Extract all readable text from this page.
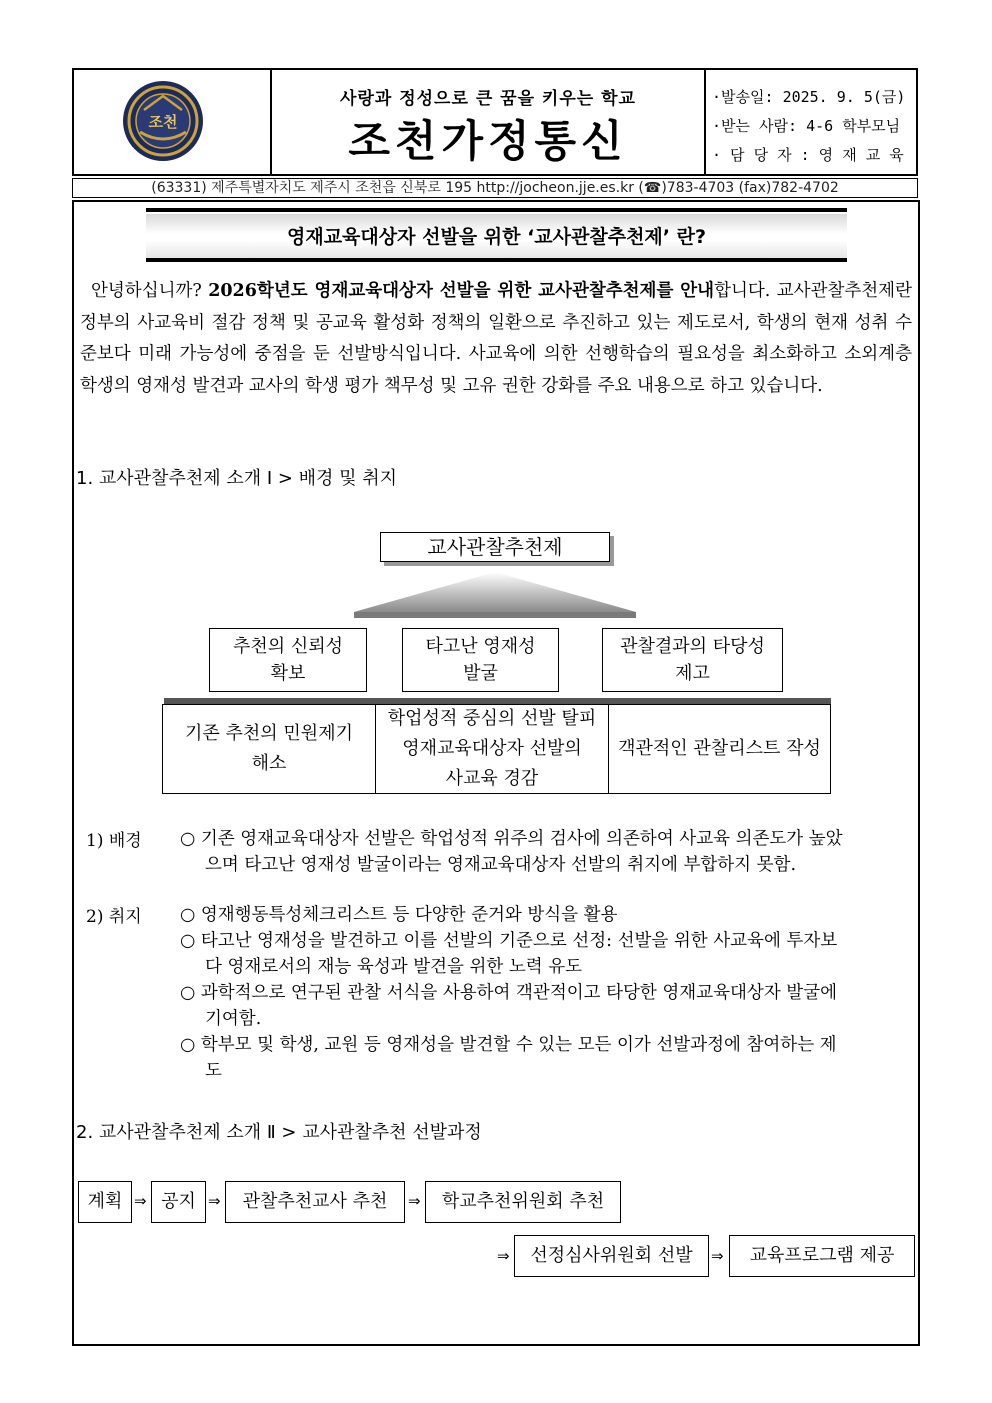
조천
사랑과 정성으로 큰 꿈을 키우는 학교
조천가정통신
·발송일: 2025. 9. 5(금)
·받는 사람: 4-6 학부모님
· 담 당 자 : 영 재 교 육
(63331) 제주특별자치도 제주시 조천읍 신북로 195 http://jocheon.jje.es.kr (☎)783-4703 (fax)782-4702
영재교육대상자 선발을 위한 ‘교사관찰추천제’ 란?
안녕하십니까? 2026학년도 영재교육대상자 선발을 위한 교사관찰추천제를 안내합니다. 교사관찰추천제란 정부의 사교육비 절감 정책 및 공교육 활성화 정책의 일환으로 추진하고 있는 제도로서, 학생의 현재 성취 수준보다 미래 가능성에 중점을 둔 선발방식입니다. 사교육에 의한 선행학습의 필요성을 최소화하고 소외계층 학생의 영재성 발견과 교사의 학생 평가 책무성 및 고유 권한 강화를 주요 내용으로 하고 있습니다.
1. 교사관찰추천제 소개 Ⅰ > 배경 및 취지
교사관찰추천제
추천의 신뢰성
확보
타고난 영재성
발굴
관찰결과의 타당성
제고
기존 추천의 민원제기
해소
학업성적 중심의 선발 탈피
영재교육대상자 선발의
사교육 경감
객관적인 관찰리스트 작성
1) 배경 ○ 기존 영재교육대상자 선발은 학업성적 위주의 검사에 의존하여 사교육 의존도가 높았으며 타고난 영재성 발굴이라는 영재교육대상자 선발의 취지에 부합하지 못함.
2) 취지 ○ 영재행동특성체크리스트 등 다양한 준거와 방식을 활용
○ 타고난 영재성을 발견하고 이를 선발의 기준으로 선정: 선발을 위한 사교육에 투자보다 영재로서의 재능 육성과 발견을 위한 노력 유도
○ 과학적으로 연구된 관찰 서식을 사용하여 객관적이고 타당한 영재교육대상자 발굴에 기여함.
○ 학부모 및 학생, 교원 등 영재성을 발견할 수 있는 모든 이가 선발과정에 참여하는 제도
2. 교사관찰추천제 소개 Ⅱ > 교사관찰추천 선발과정
계획 ⇒ 공지 ⇒	관찰추천교사 추천	⇒	학교추천위원회 추천
⇒	선정심사위원회 선발	⇒	교육프로그램 제공
